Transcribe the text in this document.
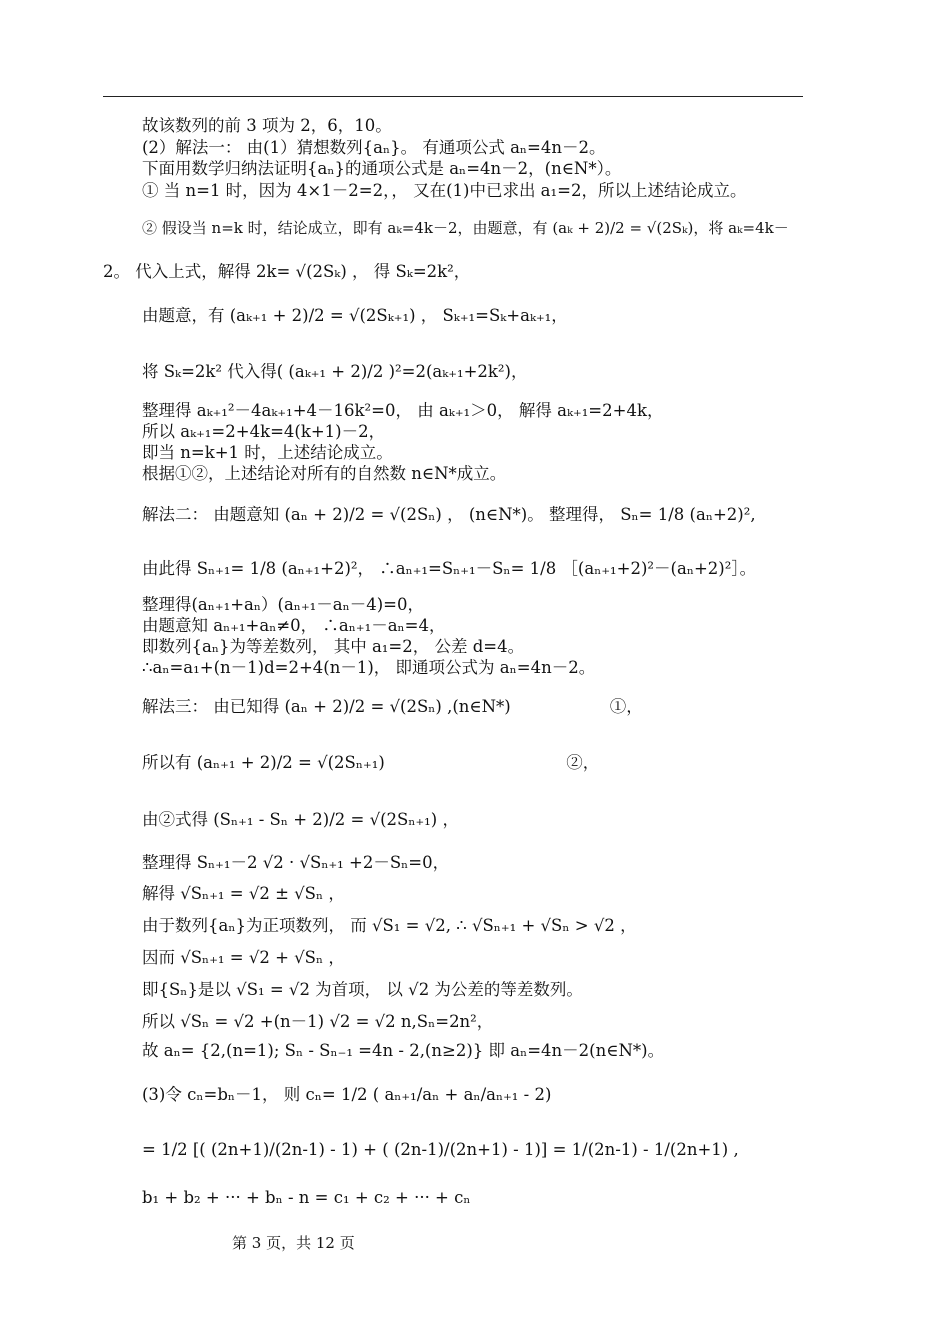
故该数列的前 3 项为 2，6，10。
(2）解法一： 由(1）猜想数列{aₙ}。 有通项公式 aₙ=4n－2。
下面用数学归纳法证明{aₙ}的通项公式是 aₙ=4n－2，(n∈N*）。
① 当 n=1 时，因为 4×1－2=2，， 又在(1)中已求出 a₁=2，所以上述结论成立。
② 假设当 n=k 时，结论成立，即有 aₖ=4k－2，由题意，有 (aₖ + 2)/2 = √(2Sₖ)，将 aₖ=4k－
2。 代入上式，解得 2k= √(2Sₖ) ， 得 Sₖ=2k²，
由题意，有 (aₖ₊₁ + 2)/2 = √(2Sₖ₊₁) ， Sₖ₊₁=Sₖ+aₖ₊₁，
将 Sₖ=2k² 代入得( (aₖ₊₁ + 2)/2 )²=2(aₖ₊₁+2k²)，
整理得 aₖ₊₁²－4aₖ₊₁+4－16k²=0， 由 aₖ₊₁＞0， 解得 aₖ₊₁=2+4k，
所以 aₖ₊₁=2+4k=4(k+1)－2，
即当 n=k+1 时，上述结论成立。
根据①②，上述结论对所有的自然数 n∈N*成立。
解法二： 由题意知 (aₙ + 2)/2 = √(2Sₙ) ， (n∈N*)。 整理得， Sₙ= 1/8 (aₙ+2)²,
由此得 Sₙ₊₁= 1/8 (aₙ₊₁+2)²， ∴aₙ₊₁=Sₙ₊₁－Sₙ= 1/8 ［(aₙ₊₁+2)²－(aₙ+2)²］。
整理得(aₙ₊₁+aₙ）(aₙ₊₁－aₙ－4)=0，
由题意知 aₙ₊₁+aₙ≠0， ∴aₙ₊₁－aₙ=4，
即数列{aₙ}为等差数列， 其中 a₁=2， 公差 d=4。
∴aₙ=a₁+(n－1)d=2+4(n－1)， 即通项公式为 aₙ=4n－2。
解法三： 由已知得 (aₙ + 2)/2 = √(2Sₙ) ,(n∈N*)　　　　　　①，
所以有 (aₙ₊₁ + 2)/2 = √(2Sₙ₊₁)　　　　　　　　　　　②，
由②式得 (Sₙ₊₁ - Sₙ + 2)/2 = √(2Sₙ₊₁) ，
整理得 Sₙ₊₁－2 √2 · √Sₙ₊₁ +2－Sₙ=0，
解得 √Sₙ₊₁ = √2 ± √Sₙ ，
由于数列{aₙ}为正项数列， 而 √S₁ = √2, ∴ √Sₙ₊₁ + √Sₙ > √2 ，
因而 √Sₙ₊₁ = √2 + √Sₙ ，
即{Sₙ}是以 √S₁ = √2 为首项， 以 √2 为公差的等差数列。
所以 √Sₙ = √2 +(n－1) √2 = √2 n,Sₙ=2n²，
故 aₙ= {2,(n=1); Sₙ - Sₙ₋₁ =4n - 2,(n≥2)} 即 aₙ=4n－2(n∈N*)。
(3)令 cₙ=bₙ－1， 则 cₙ= 1/2 ( aₙ₊₁/aₙ + aₙ/aₙ₊₁ - 2)
= 1/2 [( (2n+1)/(2n-1) - 1) + ( (2n-1)/(2n+1) - 1)] = 1/(2n-1) - 1/(2n+1) ,
b₁ + b₂ + ··· + bₙ - n = c₁ + c₂ + ··· + cₙ
第 3 页，共 12 页
